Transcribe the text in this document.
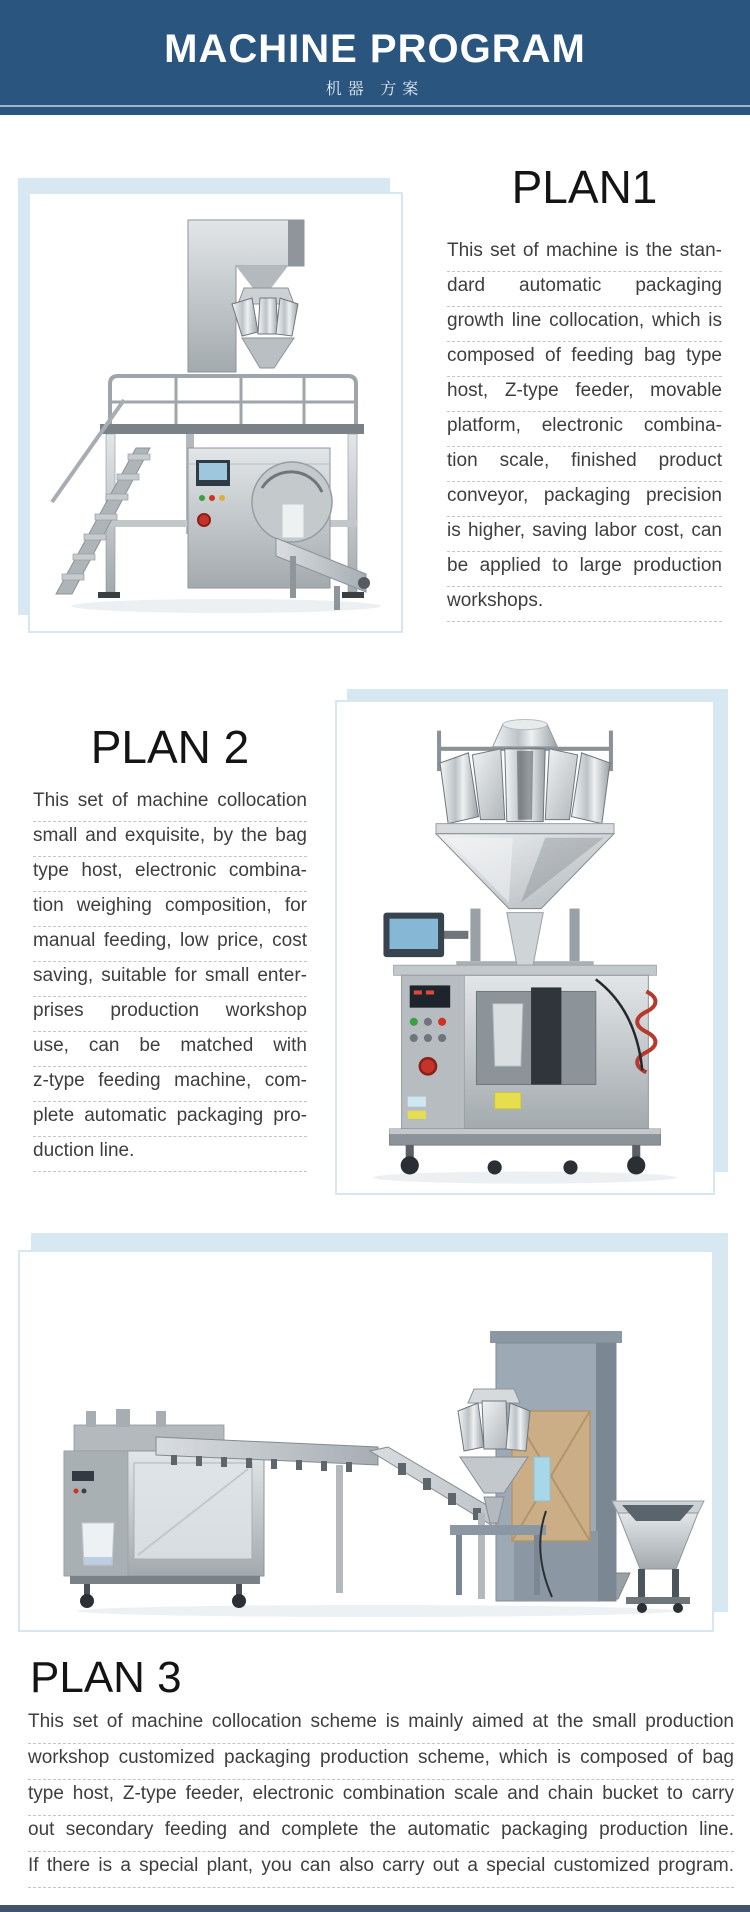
MACHINE PROGRAM
机器 方案
PLAN1
This set of machine is the stan-
dard automatic packaging
growth line collocation, which is
composed of feeding bag type
host, Z-type feeder, movable
platform, electronic combina-
tion scale, finished product
conveyor, packaging precision
is higher, saving labor cost, can
be applied to large production
workshops.
PLAN 2
This set of machine collocation
small and exquisite, by the bag
type host, electronic combina-
tion weighing composition, for
manual feeding, low price, cost
saving, suitable for small enter-
prises production workshop
use, can be matched with
z-type feeding machine, com-
plete automatic packaging pro-
duction line.
PLAN 3
This set of machine collocation scheme is mainly aimed at the small production
workshop customized packaging production scheme, which is composed of bag
type host, Z-type feeder, electronic combination scale and chain bucket to carry
out secondary feeding and complete the automatic packaging production line.
If there is a special plant, you can also carry out a special customized program.
